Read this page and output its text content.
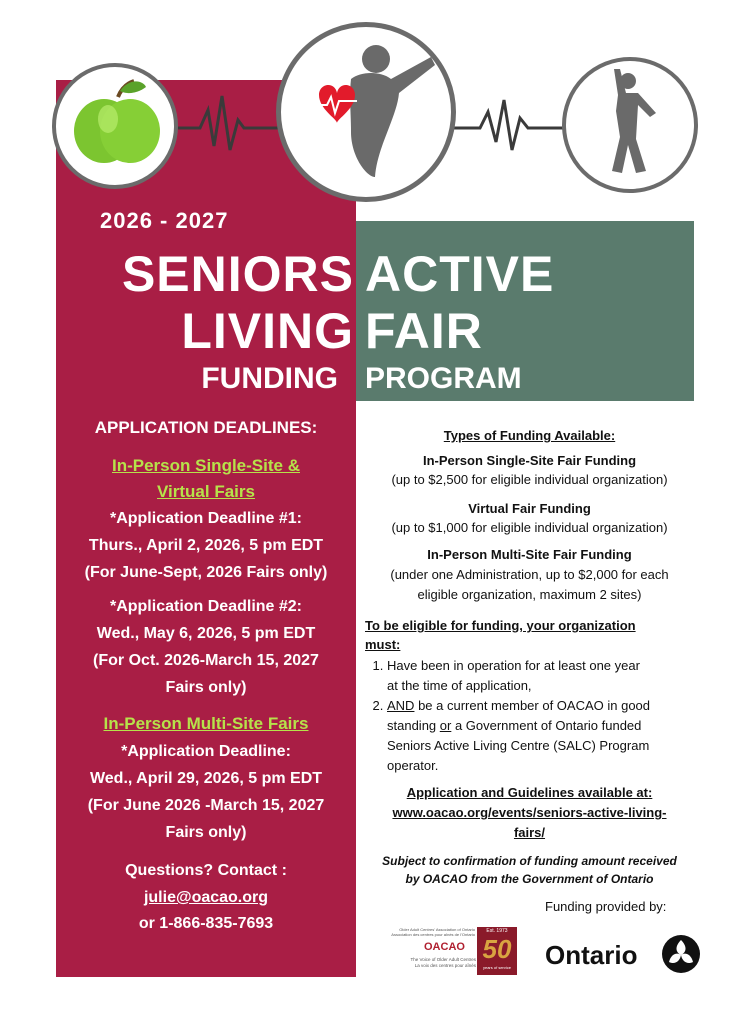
2026 - 2027
SENIORS
LIVING
ACTIVE
FAIR
FUNDING PROGRAM
APPLICATION DEADLINES:
In-Person Single-Site &
Virtual Fairs
*Application Deadline #1:
Thurs., April 2, 2026, 5 pm EDT
(For June-Sept, 2026 Fairs only)
*Application Deadline #2:
Wed., May 6, 2026, 5 pm EDT
(For Oct. 2026-March 15, 2027
Fairs only)
In-Person Multi-Site Fairs
*Application Deadline:
Wed., April 29, 2026, 5 pm EDT
(For June 2026 -March 15, 2027
Fairs only)
Questions? Contact :
julie@oacao.org
or 1-866-835-7693
Types of Funding Available:
In-Person Single-Site Fair Funding
(up to $2,500 for eligible individual organization)
Virtual Fair Funding
(up to $1,000 for eligible individual organization)
In-Person Multi-Site Fair Funding
(under one Administration, up to $2,000 for each
eligible organization, maximum 2 sites)
To be eligible for funding, your organization
must:
1. Have been in operation for at least one year
at the time of application,
2. AND be a current member of OACAO in good
standing or a Government of Ontario funded
Seniors Active Living Centre (SALC) Program
operator.
Application and Guidelines available at:
www.oacao.org/events/seniors-active-living-
fairs/
Subject to confirmation of funding amount received
by OACAO from the Government of Ontario
Funding provided by:
Older Adult Centres' Association of Ontario
Association des centres pour aînés de l'Ontario
OACAO
The Voice of Older Adult Centres
La voix des centres pour aînés
Est. 1973
50
years of service Ontario
